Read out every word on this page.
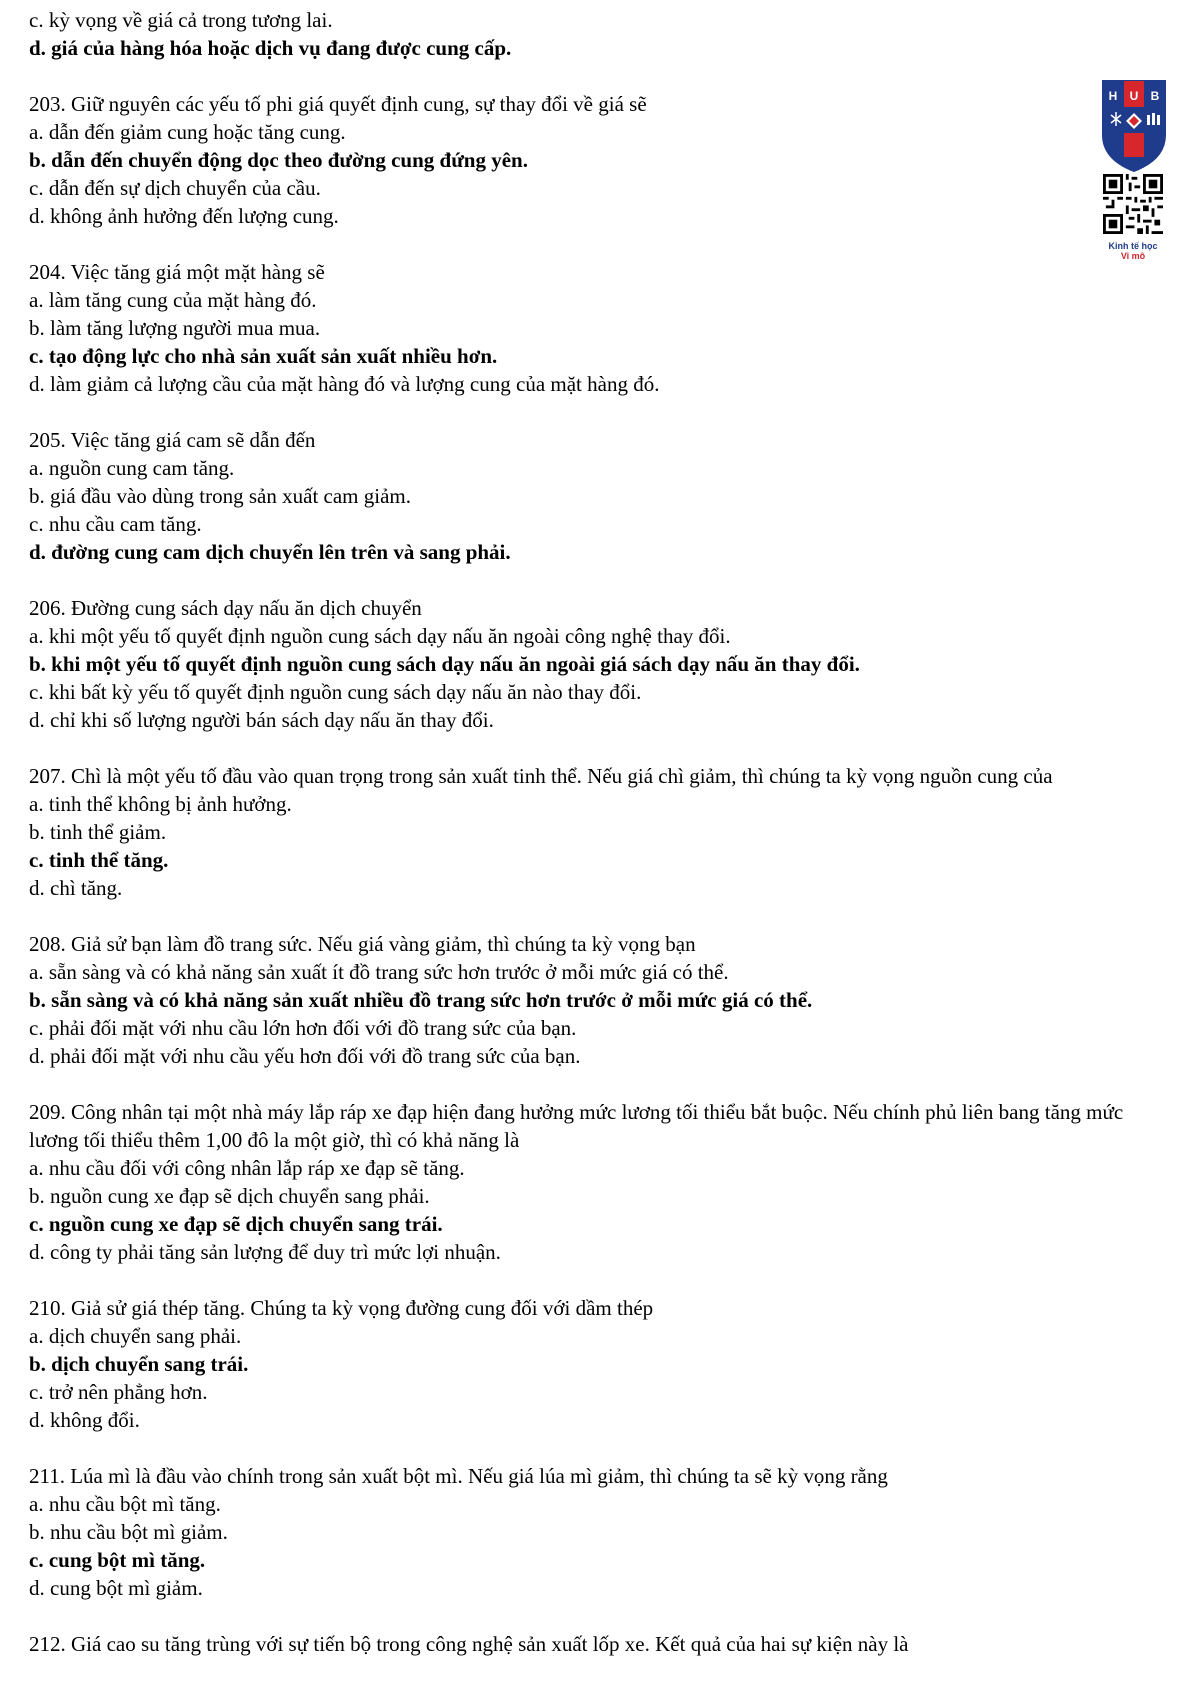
c. kỳ vọng về giá cả trong tương lai.

d. giá của hàng hóa hoặc dịch vụ đang được cung cấp.

203. Giữ nguyên các yếu tố phi giá quyết định cung, sự thay đổi về giá sẽ

a. dẫn đến giảm cung hoặc tăng cung.

b. dẫn đến chuyển động dọc theo đường cung đứng yên.

c. dẫn đến sự dịch chuyển của cầu.

d. không ảnh hưởng đến lượng cung.

204. Việc tăng giá một mặt hàng sẽ

a. làm tăng cung của mặt hàng đó.

b. làm tăng lượng người mua mua.

c. tạo động lực cho nhà sản xuất sản xuất nhiều hơn.

d. làm giảm cả lượng cầu của mặt hàng đó và lượng cung của mặt hàng đó.

205. Việc tăng giá cam sẽ dẫn đến

a. nguồn cung cam tăng.

b. giá đầu vào dùng trong sản xuất cam giảm.

c. nhu cầu cam tăng.

d. đường cung cam dịch chuyển lên trên và sang phải.

206. Đường cung sách dạy nấu ăn dịch chuyển

a. khi một yếu tố quyết định nguồn cung sách dạy nấu ăn ngoài công nghệ thay đổi.

b. khi một yếu tố quyết định nguồn cung sách dạy nấu ăn ngoài giá sách dạy nấu ăn thay đổi.

c. khi bất kỳ yếu tố quyết định nguồn cung sách dạy nấu ăn nào thay đổi.

d. chỉ khi số lượng người bán sách dạy nấu ăn thay đổi.

207. Chì là một yếu tố đầu vào quan trọng trong sản xuất tinh thể. Nếu giá chì giảm, thì chúng ta kỳ vọng nguồn cung của

a. tinh thể không bị ảnh hưởng.

b. tinh thể giảm.

c. tinh thể tăng.

d. chì tăng.

208. Giả sử bạn làm đồ trang sức. Nếu giá vàng giảm, thì chúng ta kỳ vọng bạn

a. sẵn sàng và có khả năng sản xuất ít đồ trang sức hơn trước ở mỗi mức giá có thể.

b. sẵn sàng và có khả năng sản xuất nhiều đồ trang sức hơn trước ở mỗi mức giá có thể.

c. phải đối mặt với nhu cầu lớn hơn đối với đồ trang sức của bạn.

d. phải đối mặt với nhu cầu yếu hơn đối với đồ trang sức của bạn.

209. Công nhân tại một nhà máy lắp ráp xe đạp hiện đang hưởng mức lương tối thiểu bắt buộc. Nếu chính phủ liên bang tăng mức lương tối thiểu thêm 1,00 đô la một giờ, thì có khả năng là

a. nhu cầu đối với công nhân lắp ráp xe đạp sẽ tăng.

b. nguồn cung xe đạp sẽ dịch chuyển sang phải.

c. nguồn cung xe đạp sẽ dịch chuyển sang trái.

d. công ty phải tăng sản lượng để duy trì mức lợi nhuận.

210. Giả sử giá thép tăng. Chúng ta kỳ vọng đường cung đối với dầm thép

a. dịch chuyển sang phải.

b. dịch chuyển sang trái.

c. trở nên phẳng hơn.

d. không đổi.

211. Lúa mì là đầu vào chính trong sản xuất bột mì. Nếu giá lúa mì giảm, thì chúng ta sẽ kỳ vọng rằng

a. nhu cầu bột mì tăng.

b. nhu cầu bột mì giảm.

c. cung bột mì tăng.

d. cung bột mì giảm.

212. Giá cao su tăng trùng với sự tiến bộ trong công nghệ sản xuất lốp xe. Kết quả của hai sự kiện này là

H U B
Kinh tế học
Vi mô
